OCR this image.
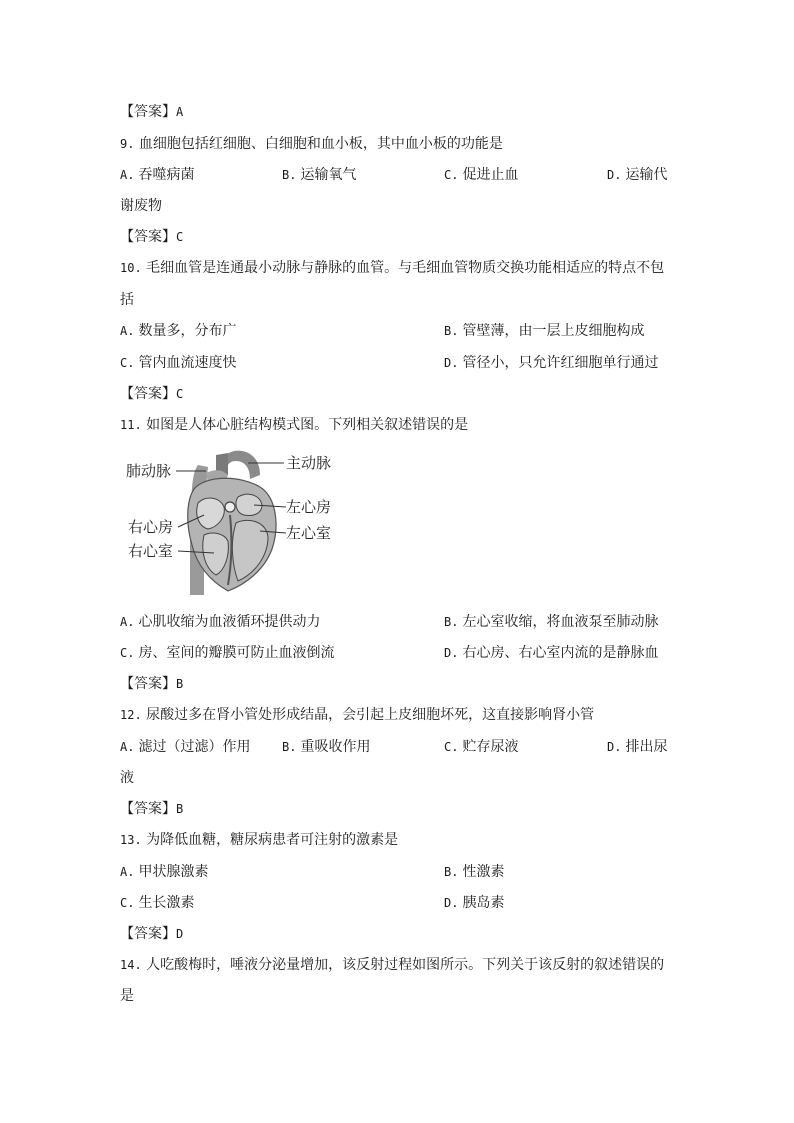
【答案】A
9. 血细胞包括红细胞、白细胞和血小板，其中血小板的功能是
A. 吞噬病菌	B. 运输氧气	C. 促进止血	D. 运输代
谢废物
【答案】C
10. 毛细血管是连通最小动脉与静脉的血管。与毛细血管物质交换功能相适应的特点不包
括
A. 数量多，分布广	B. 管壁薄，由一层上皮细胞构成
C. 管内血流速度快	D. 管径小，只允许红细胞单行通过
【答案】C
11. 如图是人体心脏结构模式图。下列相关叙述错误的是
肺动脉	主动脉
左心房
左心室
右心房
右心室
A. 心肌收缩为血液循环提供动力	B. 左心室收缩，将血液泵至肺动脉
C. 房、室间的瓣膜可防止血液倒流	D. 右心房、右心室内流的是静脉血
【答案】B
12. 尿酸过多在肾小管处形成结晶，会引起上皮细胞坏死，这直接影响肾小管
A. 滤过（过滤）作用	B. 重吸收作用	C. 贮存尿液	D. 排出尿
液
【答案】B
13. 为降低血糖，糖尿病患者可注射的激素是
A. 甲状腺激素	B. 性激素
C. 生长激素	D. 胰岛素
【答案】D
14. 人吃酸梅时，唾液分泌量增加，该反射过程如图所示。下列关于该反射的叙述错误的
是
